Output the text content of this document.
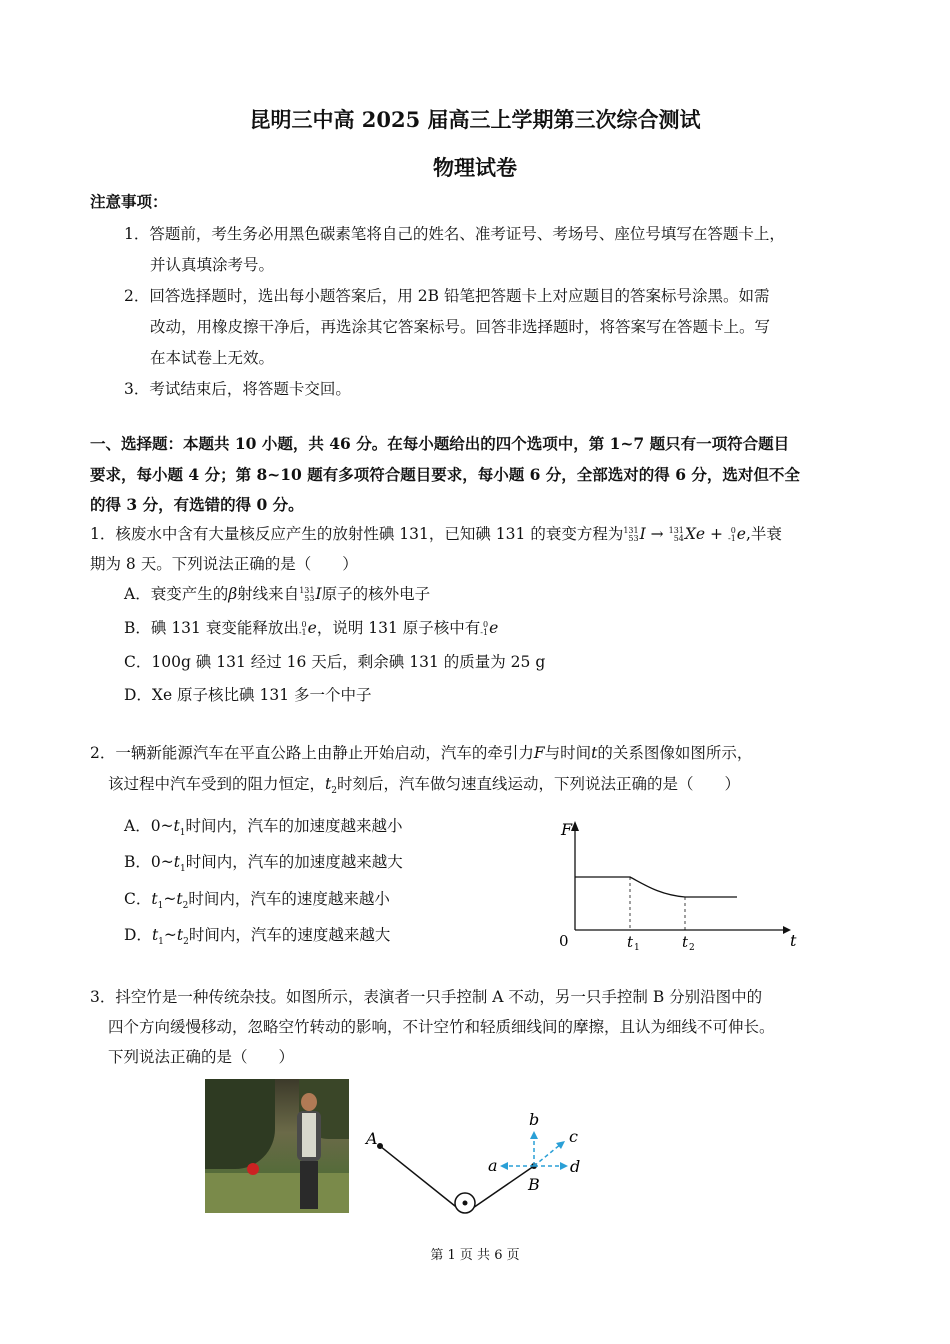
昆明三中高 2025 届高三上学期第三次综合测试
物理试卷
注意事项：
1．答题前，考生务必用黑色碳素笔将自己的姓名、准考证号、考场号、座位号填写在答题卡上，
并认真填涂考号。
2．回答选择题时，选出每小题答案后，用 2B 铅笔把答题卡上对应题目的答案标号涂黑。如需
改动，用橡皮擦干净后，再选涂其它答案标号。回答非选择题时，将答案写在答题卡上。写
在本试卷上无效。
3．考试结束后，将答题卡交回。
一、选择题：本题共 10 小题，共 46 分。在每小题给出的四个选项中，第 1~7 题只有一项符合题目
要求，每小题 4 分；第 8~10 题有多项符合题目要求，每小题 6 分，全部选对的得 6 分，选对但不全
的得 3 分，有选错的得 0 分。
1．核废水中含有大量核反应产生的放射性碘 131，已知碘 131 的衰变方程为131
53I → 131
54Xe + 0
-1e,半衰
期为 8 天。下列说法正确的是（　　）
A．衰变产生的β射线来自131
53I原子的核外电子
B．碘 131 衰变能释放出 0
-1e，说明 131 原子核中有 0
-1e
C．100g 碘 131 经过 16 天后，剩余碘 131 的质量为 25 g
D．Xe 原子核比碘 131 多一个中子
2．一辆新能源汽车在平直公路上由静止开始启动，汽车的牵引力F与时间t的关系图像如图所示，
该过程中汽车受到的阻力恒定，$t_2$时刻后，汽车做匀速直线运动，下列说法正确的是（　　）
A．$0\sim t_1$时间内，汽车的加速度越来越小
B．$0\sim t_1$时间内，汽车的加速度越来越大
C．$t_1\sim t_2$时间内，汽车的速度越来越小
D．$t_1\sim t_2$时间内，汽车的速度越来越大
F
t
0	t 1	t 2
3．抖空竹是一种传统杂技。如图所示，表演者一只手控制 A 不动，另一只手控制 B 分别沿图中的
四个方向缓慢移动，忽略空竹转动的影响，不计空竹和轻质细线间的摩擦，且认为细线不可伸长。
下列说法正确的是（　　）
A
B
a
b
c
d
第 1 页 共 6 页
